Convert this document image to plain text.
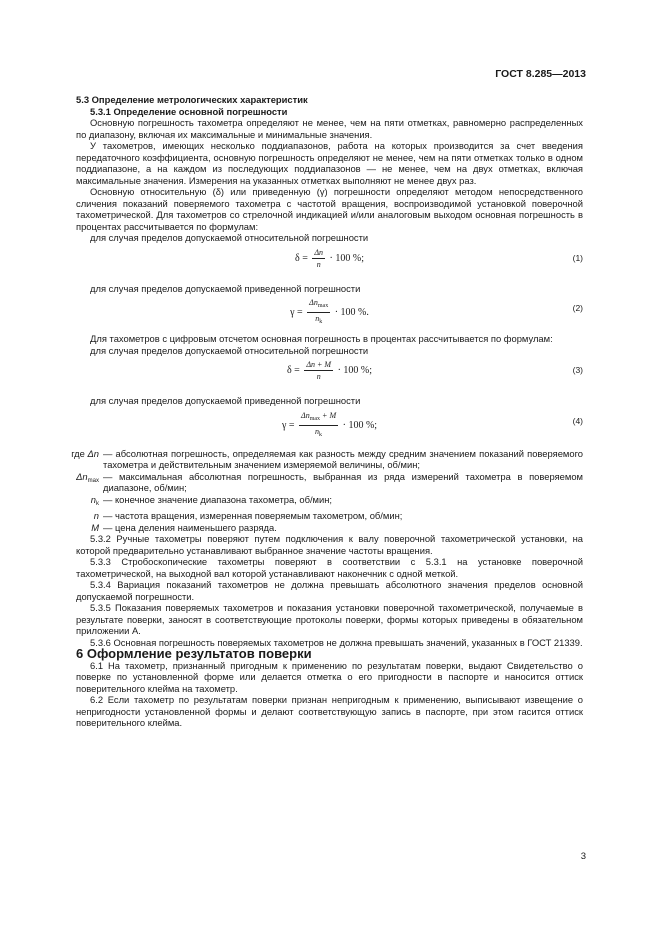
ГОСТ 8.285—2013

5.3 Определение метрологических характеристик

5.3.1 Определение основной погрешности

Основную погрешность тахометра определяют не менее, чем на пяти отметках, равномерно распределенных по диапазону, включая их максимальные и минимальные значения.

У тахометров, имеющих несколько поддиапазонов, работа на которых производится за счет введения передаточного коэффициента, основную погрешность определяют не менее, чем на пяти отметках только в одном поддиапазоне, а на каждом из последующих поддиапазонов — не менее, чем на двух отметках, включая максимальные значения. Измерения на указанных отметках выполняют не менее двух раз.

Основную относительную (δ) или приведенную (γ) погрешности определяют методом непосредственного сличения показаний поверяемого тахометра с частотой вращения, воспроизводимой установкой поверочной тахометрической. Для тахометров со стрелочной индикацией и/или аналоговым выходом основная погрешность в процентах рассчитывается по формулам:

для случая пределов допускаемой относительной погрешности

$\delta = \frac{\Delta n}{n} \cdot 100$ %;	(1)

для случая пределов допускаемой приведенной погрешности

$\gamma = \frac{\Delta n_{max}}{n_k} \cdot 100$ %.	(2)

Для тахометров с цифровым отсчетом основная погрешность в процентах рассчитывается по формулам:

для случая пределов допускаемой относительной погрешности

$\delta = \frac{\Delta n + M}{n} \cdot 100$ %;	(3)

для случая пределов допускаемой приведенной погрешности

$\gamma = \frac{\Delta n_{max} + M}{n_k} \cdot 100$ %;	(4)
где Δn — абсолютная погрешность, определяемая как разность между средним значением показаний поверяемого тахометра и действительным значением измеряемой величины, об/мин;
$\Delta n_{max}$ — максимальная абсолютная погрешность, выбранная из ряда измерений тахометра в поверяемом диапазоне, об/мин;
$n_k$ — конечное значение диапазона тахометра, об/мин;
n — частота вращения, измеренная поверяемым тахометром, об/мин;
M — цена деления наименьшего разряда.

5.3.2 Ручные тахометры поверяют путем подключения к валу поверочной тахометрической установки, на которой предварительно устанавливают выбранное значение частоты вращения.

5.3.3 Стробоскопические тахометры поверяют в соответствии с 5.3.1 на установке поверочной тахометрической, на выходной вал которой устанавливают наконечник с одной меткой.

5.3.4 Вариация показаний тахометров не должна превышать абсолютного значения пределов основной допускаемой погрешности.

5.3.5 Показания поверяемых тахометров и показания установки поверочной тахометрической, получаемые в результате поверки, заносят в соответствующие протоколы поверки, формы которых приведены в обязательном приложении А.

5.3.6 Основная погрешность поверяемых тахометров не должна превышать значений, указанных в ГОСТ 21339.

6 Оформление результатов поверки

6.1 На тахометр, признанный пригодным к применению по результатам поверки, выдают Свидетельство о поверке по установленной форме или делается отметка о его пригодности в паспорте и наносится оттиск поверительного клейма на тахометр.

6.2 Если тахометр по результатам поверки признан непригодным к применению, выписывают извещение о непригодности установленной формы и делают соответствующую запись в паспорте, при этом гасится оттиск поверительного клейма.

3
